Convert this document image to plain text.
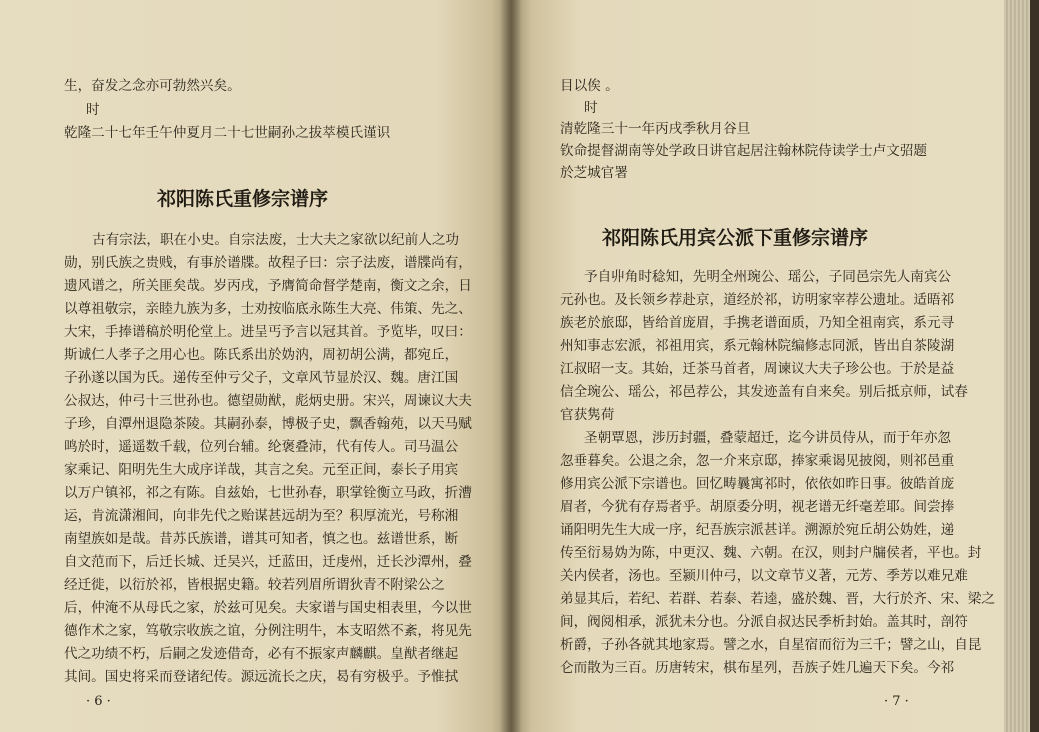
生，奋发之念亦可勃然兴矣。
时
乾隆二十七年壬午仲夏月二十七世嗣孙之拔萃模氏谨识
祁阳陈氏重修宗谱序
古有宗法，职在小史。自宗法废，士大夫之家欲以纪前人之功
勋，别氏族之贵贱，有事於谱牒。故程子曰：宗子法废，谱牒尚有，
遗风谱之，所关匪矣哉。岁丙戌，予膺简命督学楚南，衡文之余，日
以尊祖敬宗，亲睦九族为多，士劝按临底永陈生大亮、伟策、先之、
大宋，手捧谱稿於明伦堂上。进呈丐予言以冠其首。予览毕，叹曰：
斯诚仁人孝子之用心也。陈氏系出於妫汭，周初胡公满，都宛丘，
子孙遂以国为氏。递传至仲亏父子，文章风节显於汉、魏。唐江国
公叔达，仲弓十三世孙也。德望勋猷，彪炳史册。宋兴，周谏议大夫
子珍，自潭州退隐茶陵。其嗣孙泰，博极子史，飘香翰苑，以天马赋
鸣於时，遥遥数千载，位列台辅。纶褒叠沛，代有传人。司马温公
家乘记、阳明先生大成序详哉，其言之矣。元至正间，泰长子用宾
以万户镇祁，祁之有陈。自兹始，七世孙春，职掌铨衡立马政，折漕
运，肯流潇湘间，向非先代之贻谋甚远胡为至？积厚流光，号称湘
南望族如是哉。昔苏氏族谱，谱其可知者，慎之也。兹谱世系，断
自文范而下，后迁长城、迁吴兴，迁蓝田，迁虔州，迁长沙潭州，叠
经迁徙，以衍於祁，皆根据史籍。较若列眉所谓狄青不附梁公之
后，仲淹不从母氏之家，於兹可见矣。夫家谱与国史相表里，今以世
德作术之家，笃敬宗收族之谊，分例注明牛，本支昭然不紊，将见先
代之功绩不朽，后嗣之发迹借奇，必有不振家声麟麒。皇猷者继起
其间。国史将采而登诸纪传。源远流长之庆，曷有穷极乎。予惟拭
· 6 ·
目以俟 。
时
清乾隆三十一年丙戌季秋月谷旦
钦命提督湖南等处学政日讲官起居注翰林院侍读学士卢文弨题
於芝城官署
祁阳陈氏用宾公派下重修宗谱序
予自丱角时稔知，先明全州琬公、瑶公，子同邑宗先人南宾公
元孙也。及长领乡荐赴京，道经於祁，访明家宰荐公遗址。适晤祁
族老於旅邸，皆给首庞眉，手携老谱面质，乃知全祖南宾，系元寻
州知事志宏派，祁祖用宾，系元翰林院编修志同派，皆出自茶陵湖
江叔昭一支。其始，迁茶马首者，周谏议大夫子珍公也。于於是益
信全琬公、瑶公，祁邑荐公，其发迹盖有自来矣。别后抵京师，试春
官获隽荷
圣朝覃恩，涉历封疆，叠蒙超迁，迄今讲员侍从，而于年亦忽
忽垂暮矣。公退之余，忽一介来京邸，捧家乘谒见披阅，则祁邑重
修用宾公派下宗谱也。回忆畴曩寓祁时，依依如昨日事。彼皓首庞
眉者，今犹有存焉者乎。胡原委分明，视老谱无纤毫差耶。间尝捧
诵阳明先生大成一序，纪吾族宗派甚详。溯源於宛丘胡公妫姓，递
传至衍易妫为陈，中更汉、魏、六朝。在汉，则封户牖侯者，平也。封
关内侯者，汤也。至颍川仲弓，以文章节义著，元芳、季芳以难兄难
弟显其后，若纪、若群、若泰、若逵，盛於魏、晋，大行於齐、宋、梁之
间，阀阅相承，派犹未分也。分派自叔达民季析封始。盖其时，剖符
析爵，子孙各就其地家焉。譬之水，自星宿而衍为三千；譬之山，自昆
仑而散为三百。历唐转宋，棋布星列，吾族子姓几遍天下矣。今祁
· 7 ·
